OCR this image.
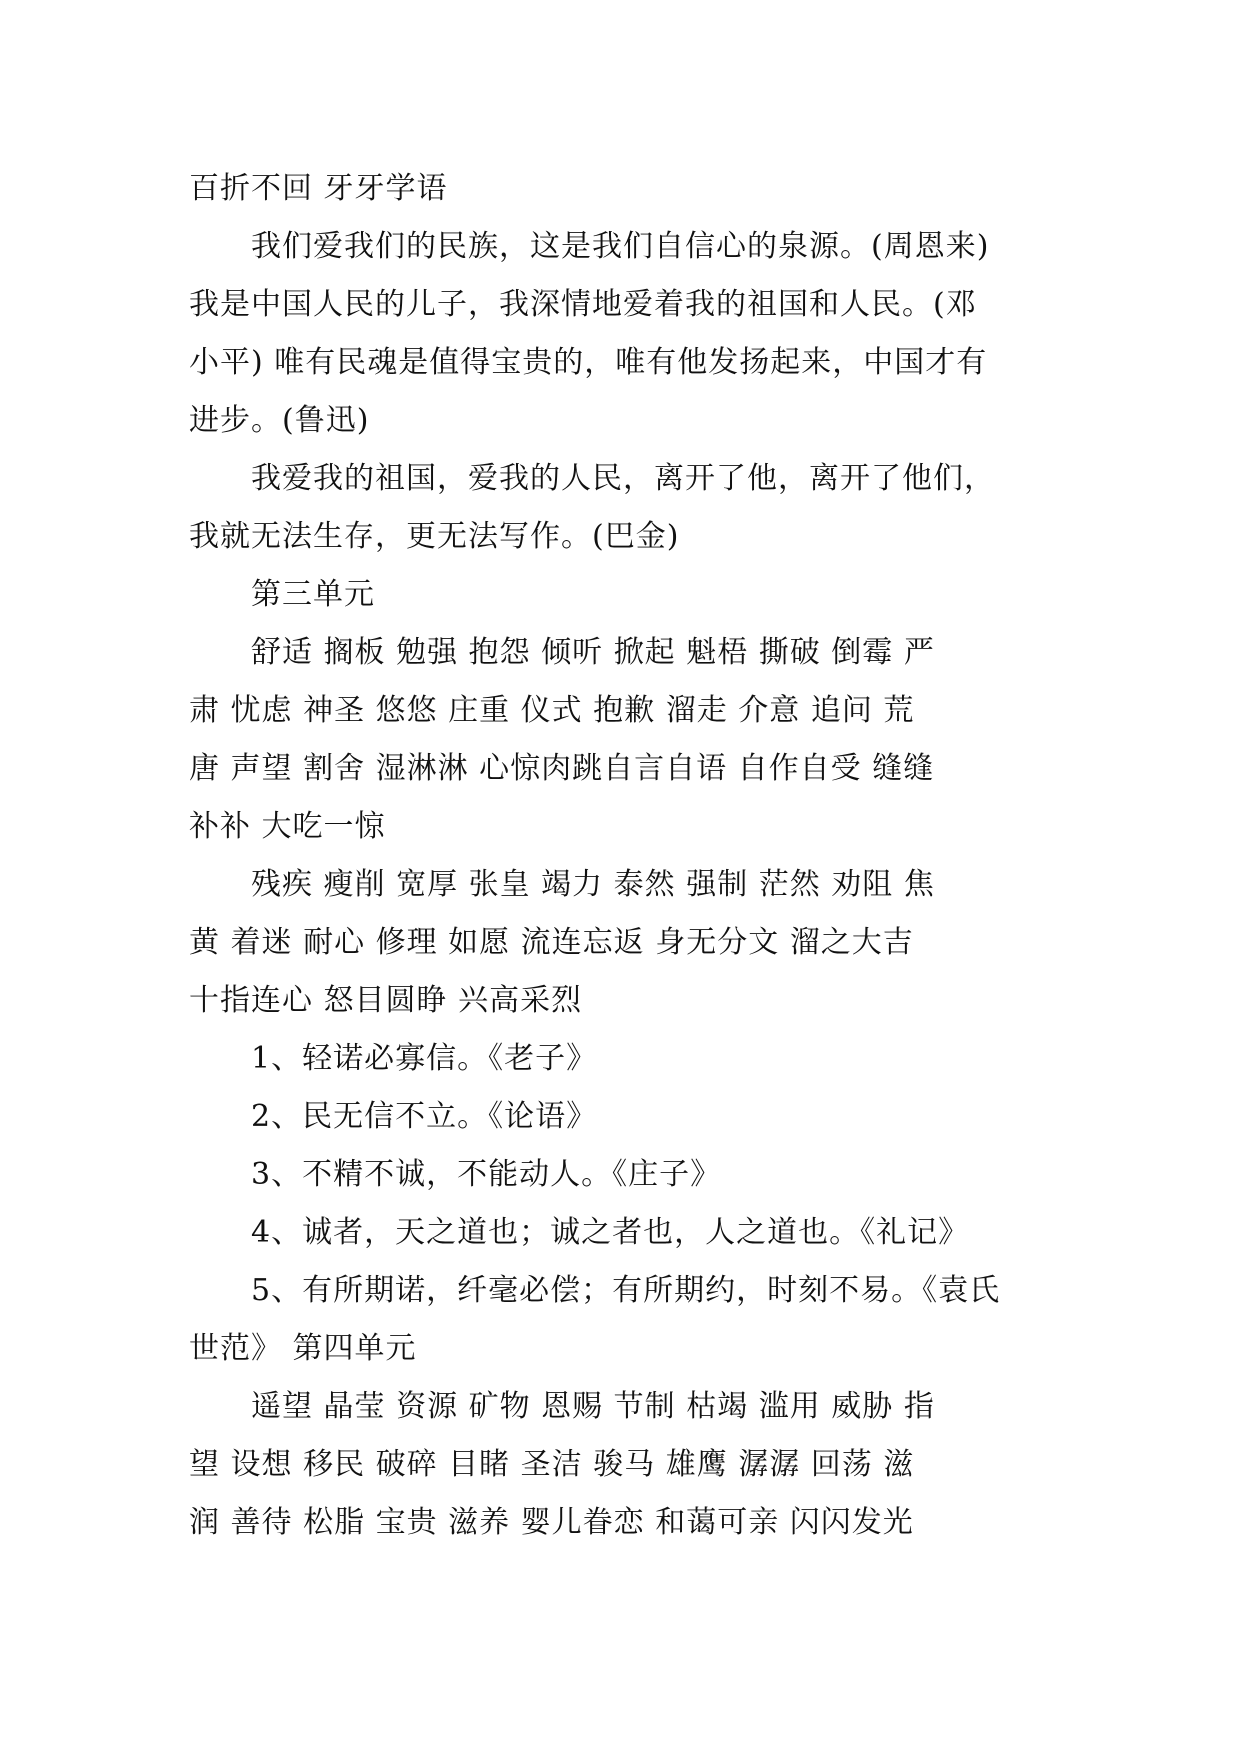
百折不回 牙牙学语
我们爱我们的民族，这是我们自信心的泉源。(周恩来)
我是中国人民的儿子，我深情地爱着我的祖国和人民。(邓
小平) 唯有民魂是值得宝贵的，唯有他发扬起来，中国才有
进步。(鲁迅)
我爱我的祖国，爱我的人民，离开了他，离开了他们，
我就无法生存，更无法写作。(巴金)
第三单元
舒适 搁板 勉强 抱怨 倾听 掀起 魁梧 撕破 倒霉 严
肃 忧虑 神圣 悠悠 庄重 仪式 抱歉 溜走 介意 追问 荒
唐 声望 割舍 湿淋淋 心惊肉跳自言自语 自作自受 缝缝
补补 大吃一惊
残疾 瘦削 宽厚 张皇 竭力 泰然 强制 茫然 劝阻 焦
黄 着迷 耐心 修理 如愿 流连忘返 身无分文 溜之大吉
十指连心 怒目圆睁 兴高采烈
1、轻诺必寡信。《老子》
2、民无信不立。《论语》
3、不精不诚，不能动人。《庄子》
4、诚者，天之道也；诚之者也，人之道也。《礼记》
5、有所期诺，纤毫必偿；有所期约，时刻不易。《袁氏
世范》 第四单元
遥望 晶莹 资源 矿物 恩赐 节制 枯竭 滥用 威胁 指
望 设想 移民 破碎 目睹 圣洁 骏马 雄鹰 潺潺 回荡 滋
润 善待 松脂 宝贵 滋养 婴儿眷恋 和蔼可亲 闪闪发光
